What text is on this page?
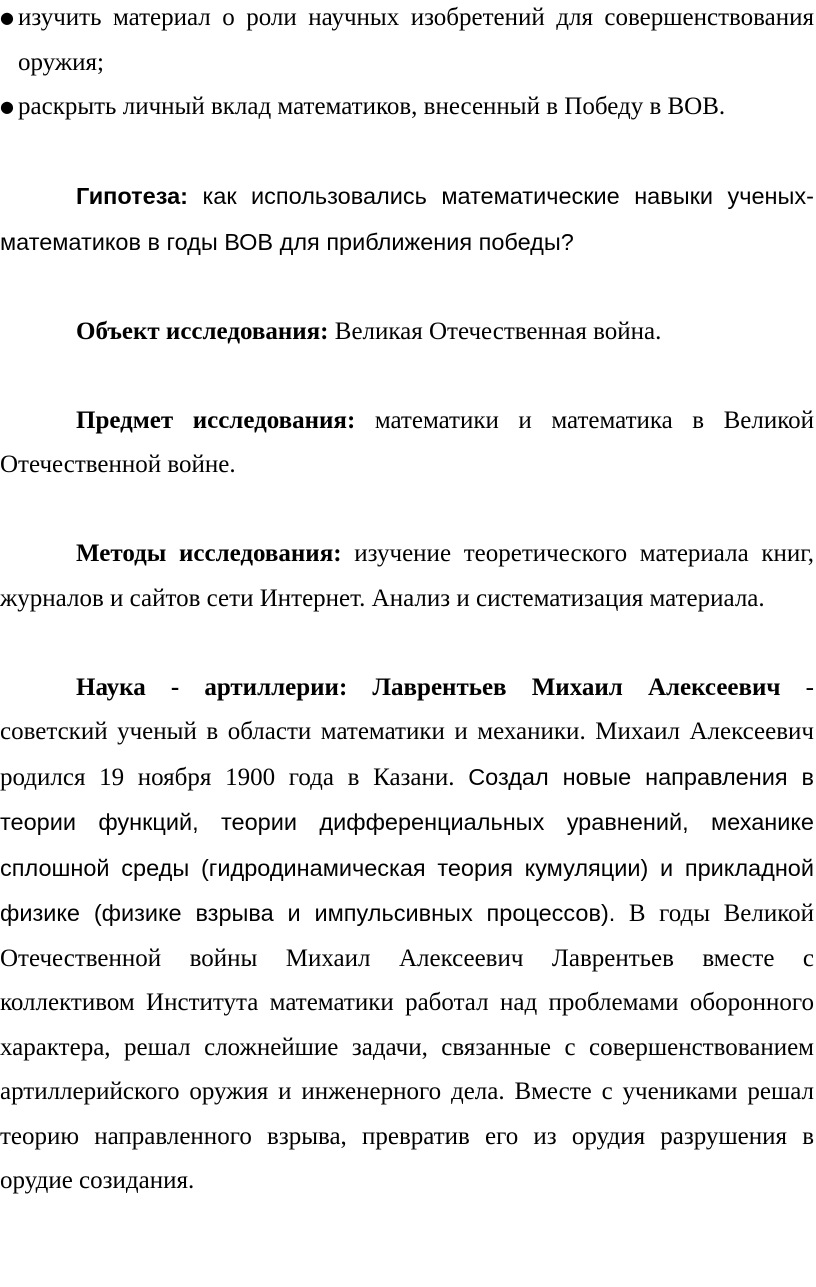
● изучить материал о роли научных изобретений для совершенствования оружия;
● раскрыть личный вклад математиков, внесенный в Победу в ВОВ.

Гипотеза: как использовались математические навыки ученых-математиков в годы ВОВ для приближения победы?

Объект исследования: Великая Отечественная война.

Предмет исследования: математики и математика в Великой Отечественной войне.

Методы исследования: изучение теоретического материала книг, журналов и сайтов сети Интернет. Анализ и систематизация материала.

Наука - артиллерии: Лаврентьев Михаил Алексеевич - советский ученый в области математики и механики. Михаил Алексеевич родился 19 ноября 1900 года в Казани. Создал новые направления в теории функций, теории дифференциальных уравнений, механике сплошной среды (гидродинамическая теория кумуляции) и прикладной физике (физике взрыва и импульсивных процессов). В годы Великой Отечественной войны Михаил Алексеевич Лаврентьев вместе с коллективом Института математики работал над проблемами оборонного характера, решал сложнейшие задачи, связанные с совершенствованием артиллерийского оружия и инженерного дела. Вместе с учениками решал теорию направленного взрыва, превратив его из орудия разрушения в орудие созидания.
